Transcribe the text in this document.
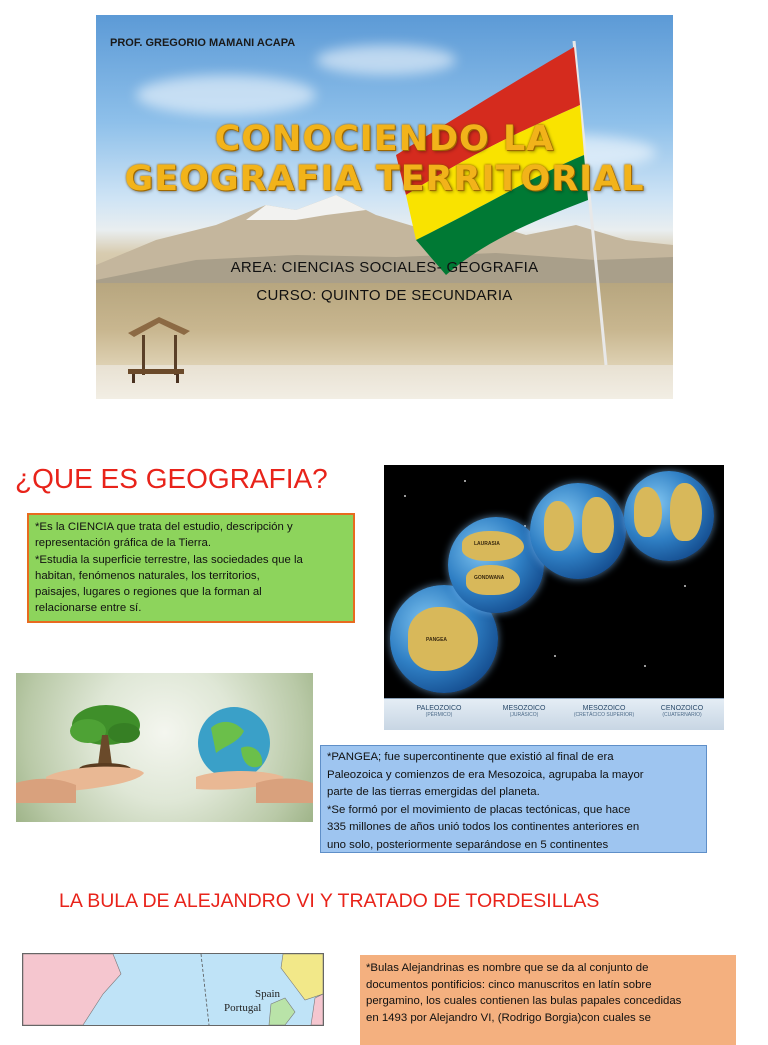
PROF. GREGORIO MAMANI ACAPA
CONOCIENDO LA
GEOGRAFIA TERRITORIAL
AREA: CIENCIAS SOCIALES- GEOGRAFIA
CURSO: QUINTO DE SECUNDARIA
¿QUE ES GEOGRAFIA?
*Es la CIENCIA que trata del estudio, descripción y
representación gráfica de la Tierra.
*Estudia la superficie terrestre, las sociedades que la
habitan, fenómenos naturales, los territorios,
paisajes, lugares o regiones que la forman al
relacionarse entre sí.
PANGEA
LAURASIA
GONDWANA
PALEOZOICO
(PÉRMICO)
MESOZOICO
(JURÁSICO)
MESOZOICO
(CRETÁCICO SUPERIOR)
CENOZOICO
(CUATERNARIO)
*PANGEA; fue supercontinente que existió al final de era
Paleozoica y comienzos de era Mesozoica, agrupaba la mayor
parte de las tierras emergidas del planeta.
*Se formó por el movimiento de placas tectónicas, que hace
335 millones de años unió todos los continentes anteriores en
uno solo, posteriormente separándose en 5 continentes
LA BULA DE ALEJANDRO VI Y TRATADO DE TORDESILLAS
Spain
Portugal
*Bulas Alejandrinas es nombre que se da al conjunto de
documentos pontificios: cinco manuscritos en latín sobre
pergamino, los cuales contienen las bulas papales concedidas
en 1493 por Alejandro VI, (Rodrigo Borgia)con cuales se
